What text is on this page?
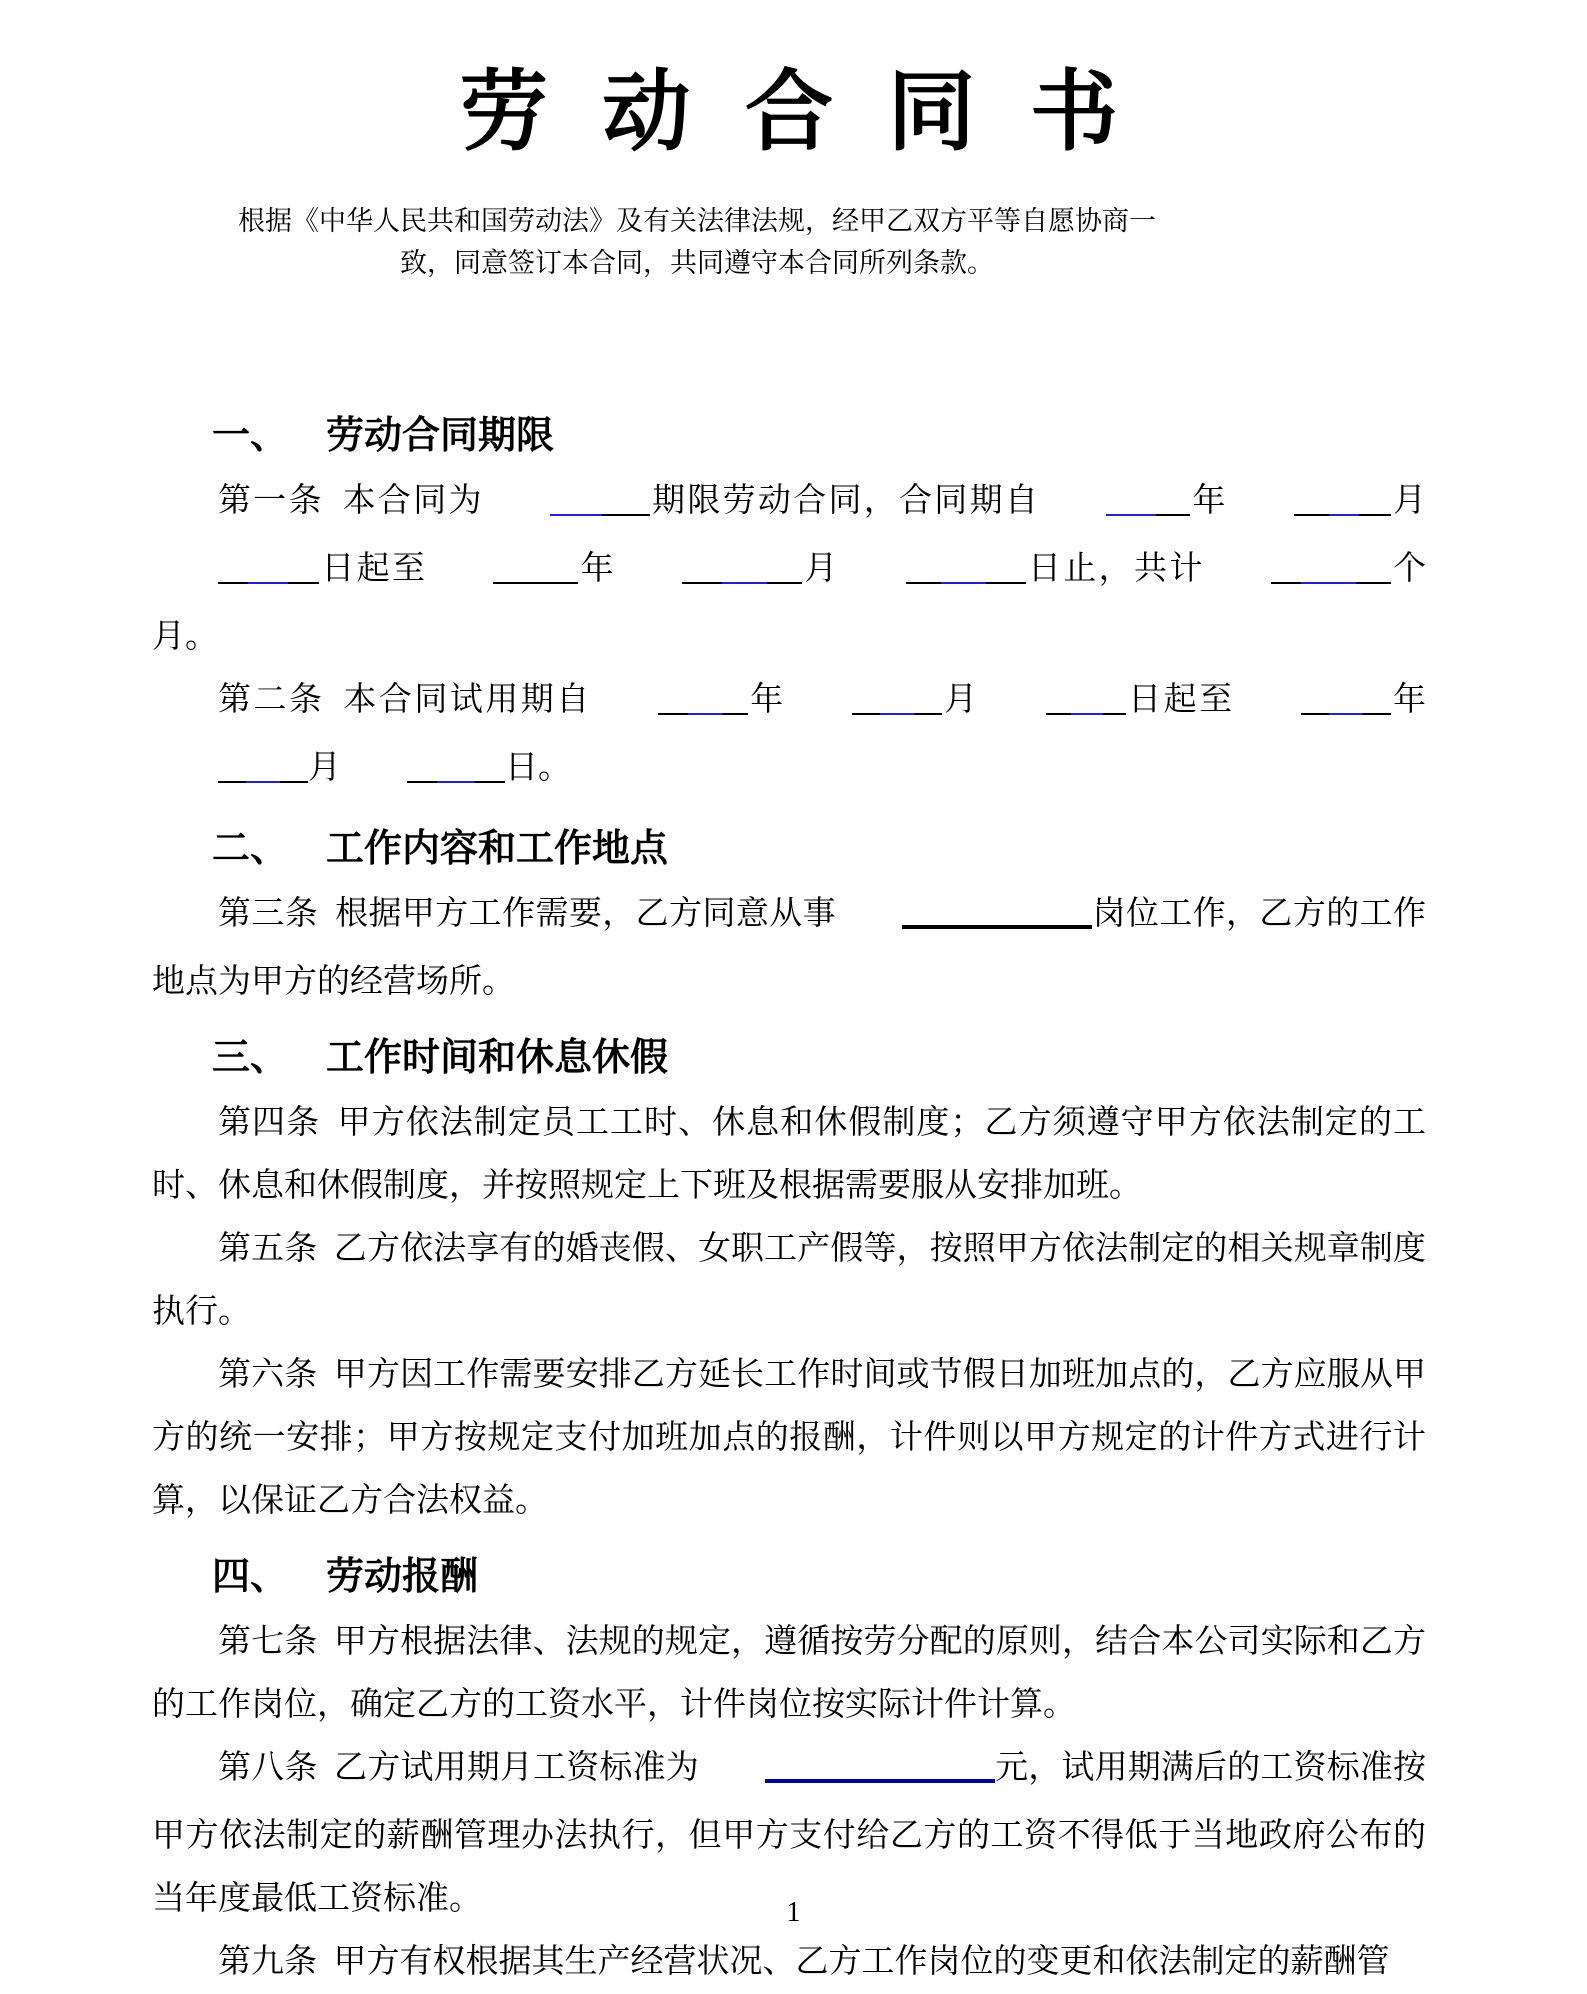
劳动合同书

根据《中华人民共和国劳动法》及有关法律法规，经甲乙双方平等自愿协商一致，同意签订本合同，共同遵守本合同所列条款。

一、 劳动合同期限
第一条 本合同为	期限劳动合同，合同期自	年	月日起至	年	月	日止，共计	个月。
第二条 本合同试用期自	年	月	日起至	年月	日。
二、 工作内容和工作地点
第三条 根据甲方工作需要，乙方同意从事	岗位工作，乙方的工作地点为甲方的经营场所。
三、 工作时间和休息休假
第四条 甲方依法制定员工工时、休息和休假制度；乙方须遵守甲方依法制定的工时、休息和休假制度，并按照规定上下班及根据需要服从安排加班。
第五条 乙方依法享有的婚丧假、女职工产假等，按照甲方依法制定的相关规章制度执行。
第六条 甲方因工作需要安排乙方延长工作时间或节假日加班加点的，乙方应服从甲方的统一安排；甲方按规定支付加班加点的报酬，计件则以甲方规定的计件方式进行计算，以保证乙方合法权益。
四、 劳动报酬
第七条 甲方根据法律、法规的规定，遵循按劳分配的原则，结合本公司实际和乙方的工作岗位，确定乙方的工资水平，计件岗位按实际计件计算。
第八条 乙方试用期月工资标准为	元，试用期满后的工资标准按甲方依法制定的薪酬管理办法执行，但甲方支付给乙方的工资不得低于当地政府公布的当年度最低工资标准。
第九条 甲方有权根据其生产经营状况、乙方工作岗位的变更和依法制定的薪酬管
1
